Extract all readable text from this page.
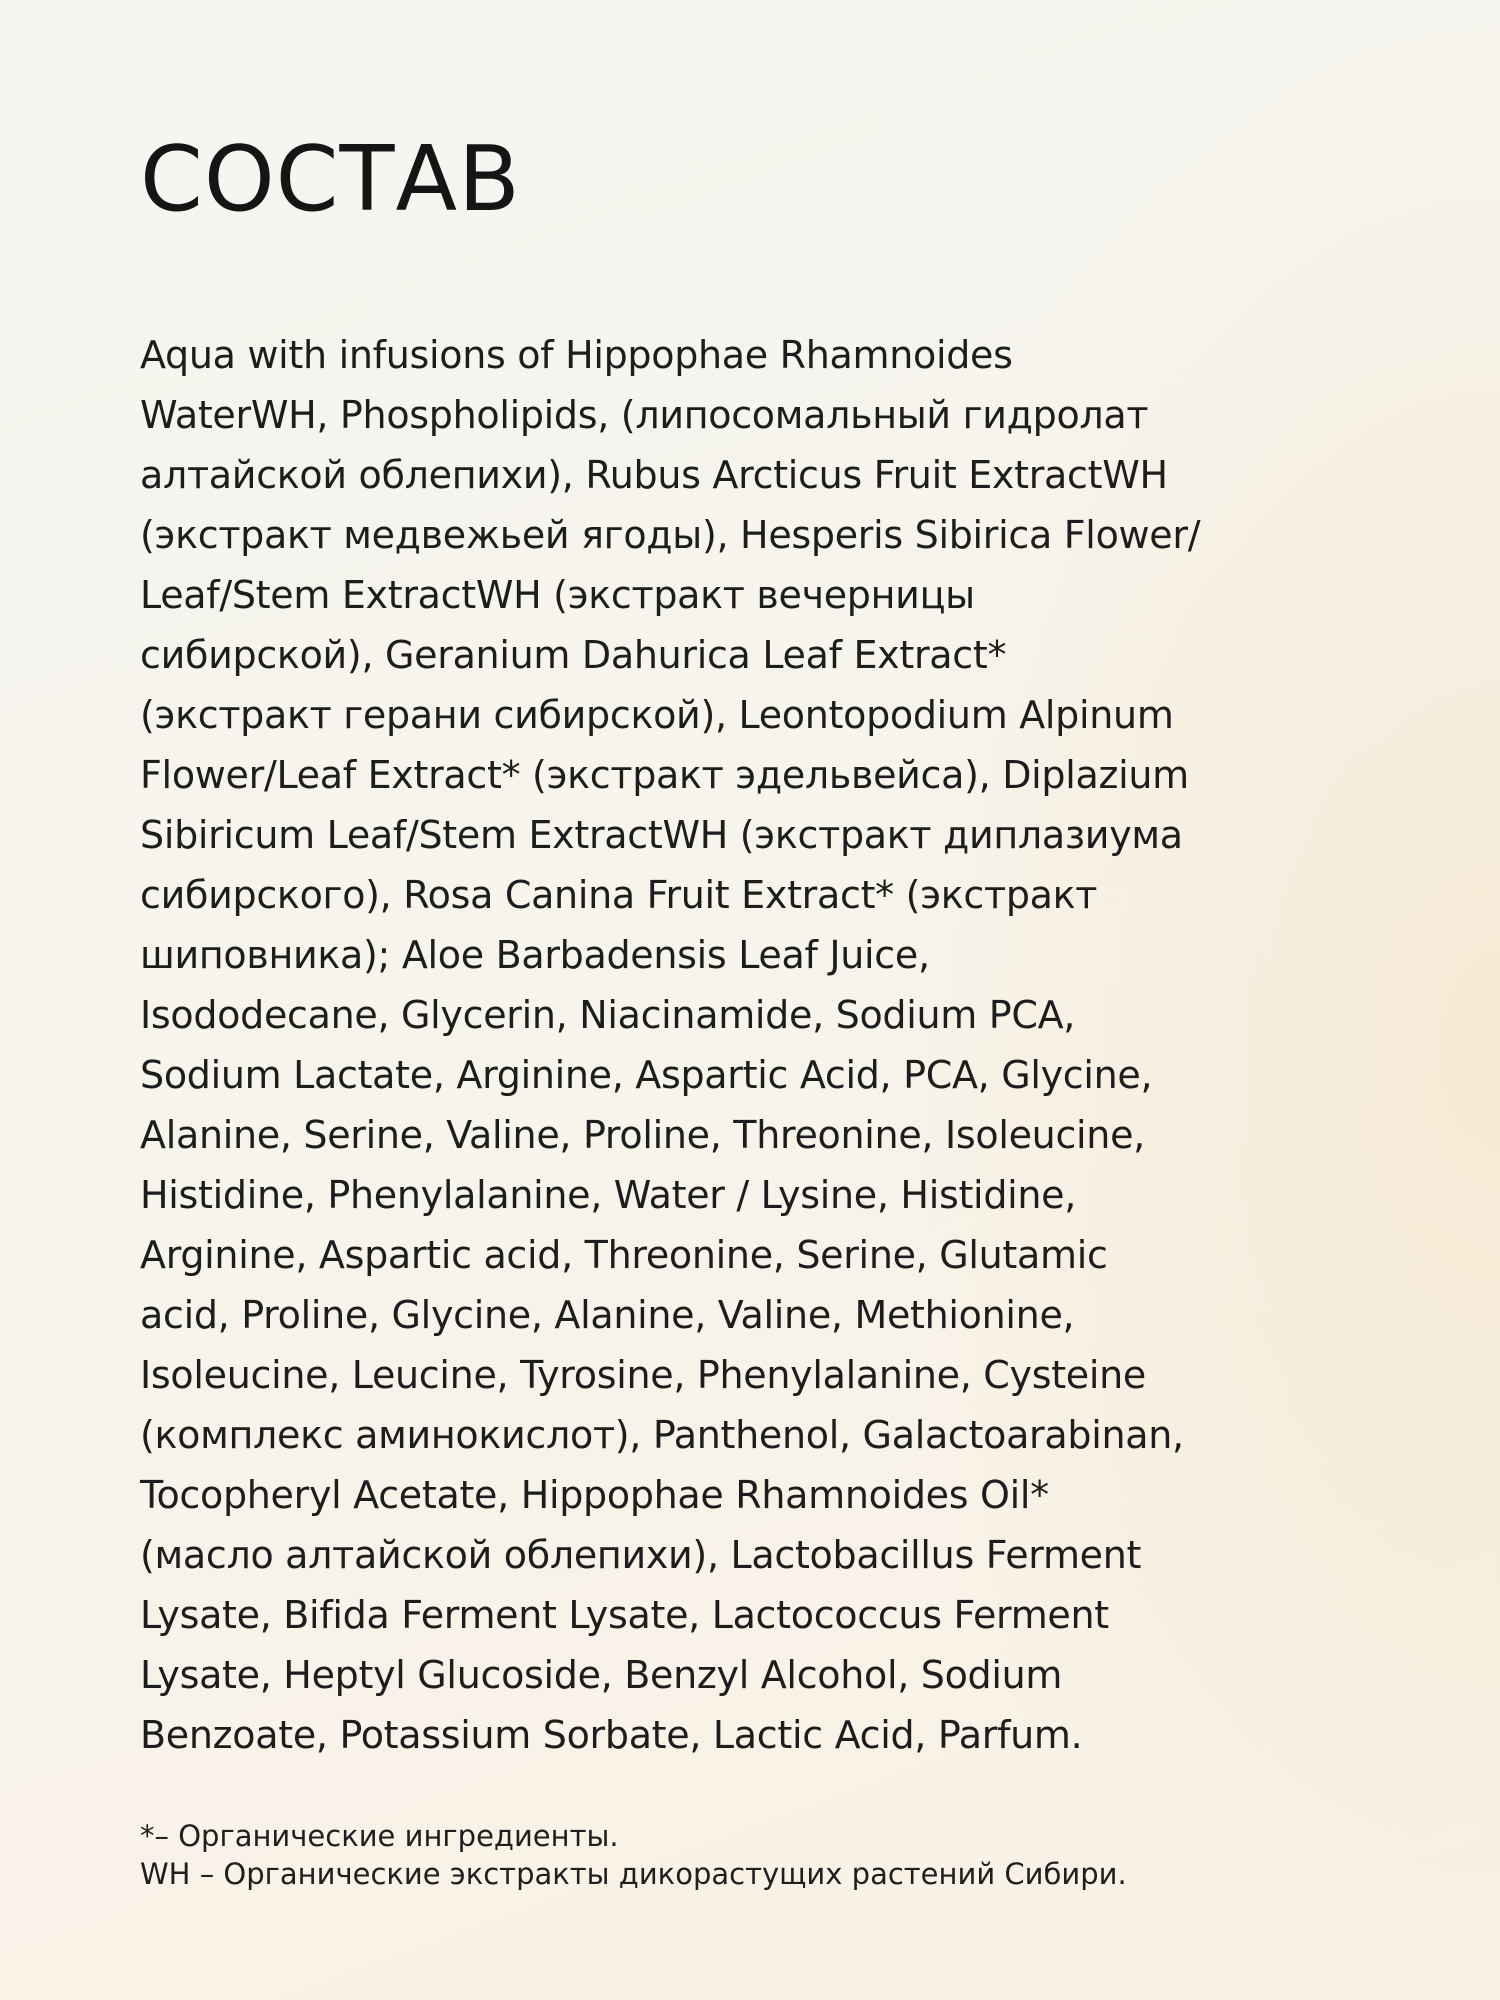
СОСТАВ
Aqua with infusions of Hippophae Rhamnoides
WaterWH, Phospholipids, (липосомальный гидролат
алтайской облепихи), Rubus Arcticus Fruit ExtractWH
(экстракт медвежьей ягоды), Hesperis Sibirica Flower/
Leaf/Stem ExtractWH (экстракт вечерницы
сибирской), Geranium Dahurica Leaf Extract*
(экстракт герани сибирской), Leontopodium Alpinum
Flower/Leaf Extract* (экстракт эдельвейса), Diplazium
Sibiricum Leaf/Stem ExtractWH (экстракт диплазиума
сибирского), Rosa Canina Fruit Extract* (экстракт
шиповника); Aloe Barbadensis Leaf Juice,
Isododecane, Glycerin, Niacinamide, Sodium PCA,
Sodium Lactate, Arginine, Aspartic Acid, PCA, Glycine,
Alanine, Serine, Valine, Proline, Threonine, Isoleucine,
Histidine, Phenylalanine, Water / Lysine, Histidine,
Arginine, Aspartic acid, Threonine, Serine, Glutamic
acid, Proline, Glycine, Alanine, Valine, Methionine,
Isoleucine, Leucine, Tyrosine, Phenylalanine, Cysteine
(комплекс аминокислот), Panthenol, Galactoarabinan,
Tocopheryl Acetate, Hippophae Rhamnoides Oil*
(масло алтайской облепихи), Lactobacillus Ferment
Lysate, Bifida Ferment Lysate, Lactococcus Ferment
Lysate, Heptyl Glucoside, Benzyl Alcohol, Sodium
Benzoate, Potassium Sorbate, Lactic Acid, Parfum.
*– Органические ингредиенты.
WH – Органические экстракты дикорастущих растений Сибири.
